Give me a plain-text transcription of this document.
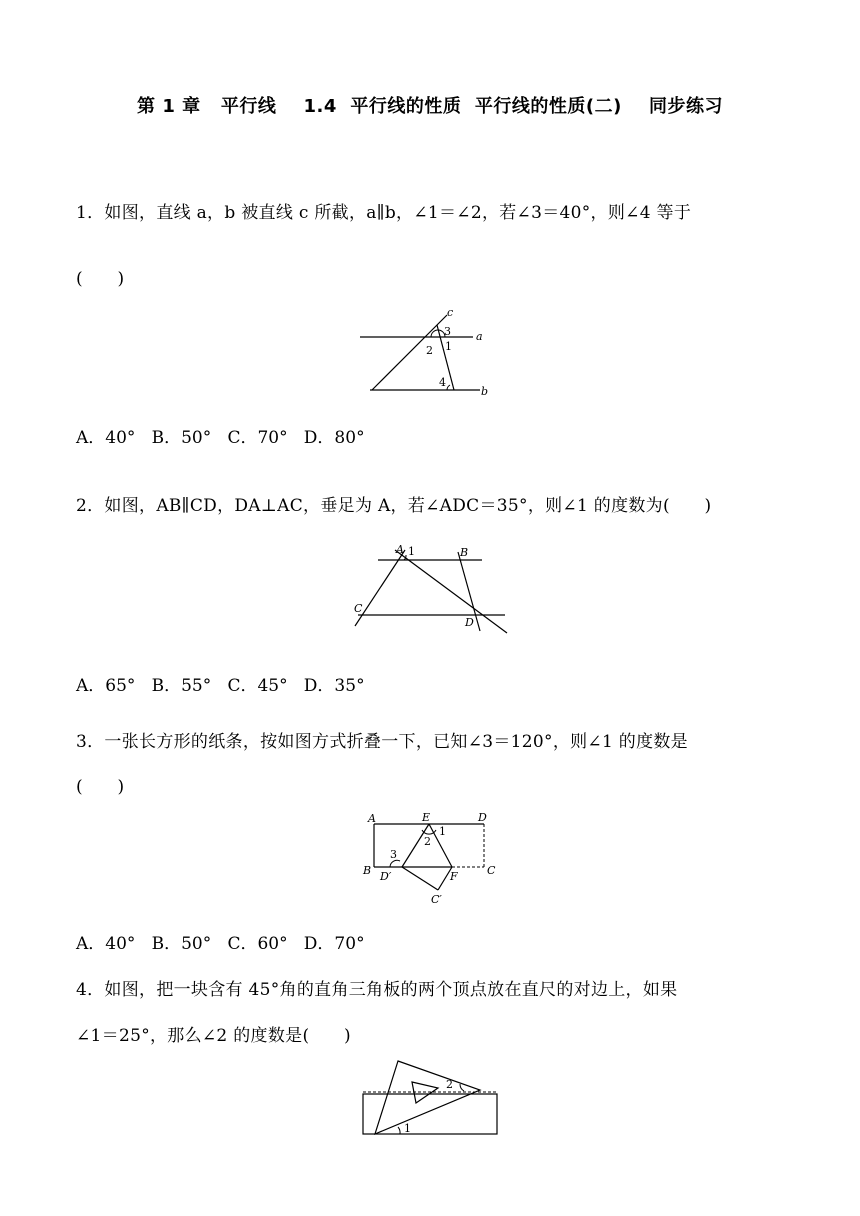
第 1 章   平行线    1.4  平行线的性质  平行线的性质(二)    同步练习
1．如图，直线 a，b 被直线 c 所截，a∥b，∠1＝∠2，若∠3＝40°，则∠4 等于
(　　)
c
3 a
2 1
4
b
A．40°   B．50°   C．70°   D．80°
2．如图，AB∥CD，DA⊥AC，垂足为 A，若∠ADC＝35°，则∠1 的度数为(　　)
A 1	B
C
D
A．65°   B．55°   C．45°   D．35°
3．一张长方形的纸条，按如图方式折叠一下，已知∠3＝120°，则∠1 的度数是
(　　)
A	E	D
1
2
3
B D′	F	C
C′
A．40°   B．50°   C．60°   D．70°
4．如图，把一块含有 45°角的直角三角板的两个顶点放在直尺的对边上，如果
∠1＝25°，那么∠2 的度数是(　　)
2
1
